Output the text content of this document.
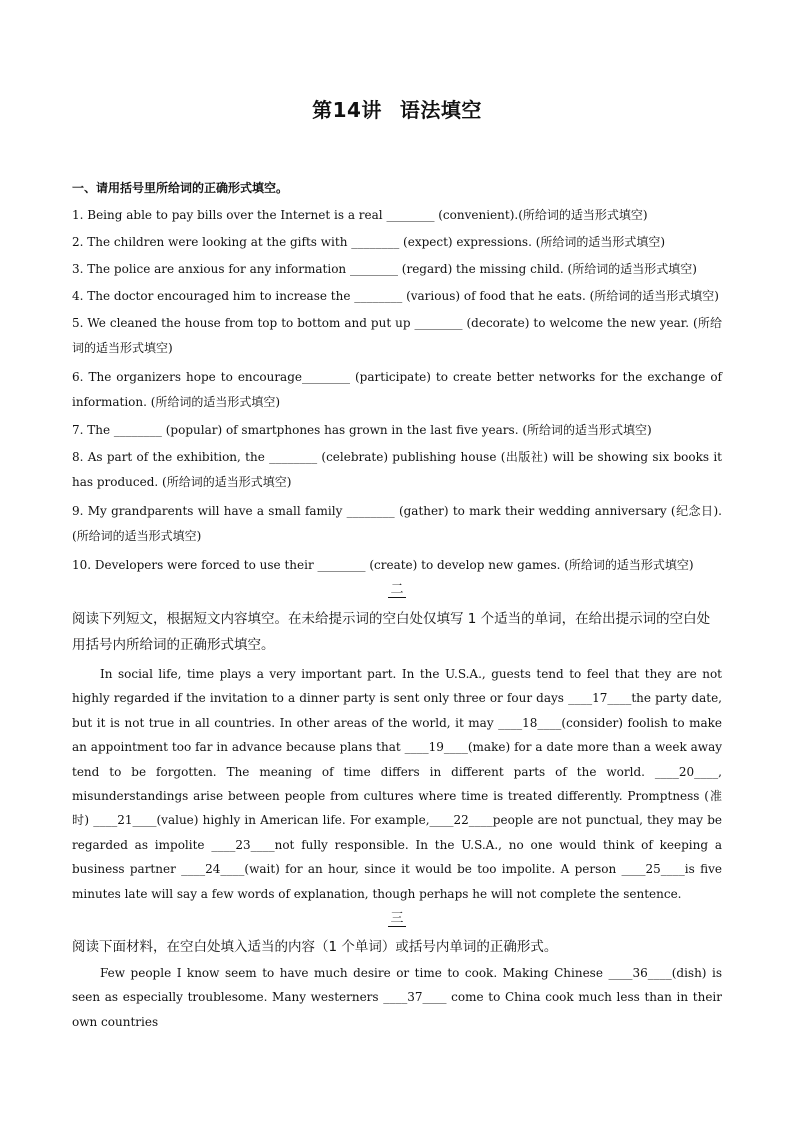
第14讲 语法填空
一、请用括号里所给词的正确形式填空。
1. Being able to pay bills over the Internet is a real ________ (convenient).(所给词的适当形式填空)
2. The children were looking at the gifts with ________ (expect) expressions. (所给词的适当形式填空)
3. The police are anxious for any information ________ (regard) the missing child. (所给词的适当形式填空)
4. The doctor encouraged him to increase the ________ (various) of food that he eats. (所给词的适当形式填空)
5. We cleaned the house from top to bottom and put up ________ (decorate) to welcome the new year. (所给词的适当形式填空)
6. The organizers hope to encourage________ (participate) to create better networks for the exchange of information. (所给词的适当形式填空)
7. The ________ (popular) of smartphones has grown in the last five years. (所给词的适当形式填空)
8. As part of the exhibition, the ________ (celebrate) publishing house (出版社) will be showing six books it has produced. (所给词的适当形式填空)
9. My grandparents will have a small family ________ (gather) to mark their wedding anniversary (纪念日). (所给词的适当形式填空)
10. Developers were forced to use their ________ (create) to develop new games. (所给词的适当形式填空)
二
阅读下列短文，根据短文内容填空。在未给提示词的空白处仅填写 1 个适当的单词，在给出提示词的空白处用括号内所给词的正确形式填空。
In social life, time plays a very important part. In the U.S.A., guests tend to feel that they are not highly regarded if the invitation to a dinner party is sent only three or four days ____17____the party date, but it is not true in all countries. In other areas of the world, it may ____18____(consider) foolish to make an appointment too far in advance because plans that ____19____(make) for a date more than a week away tend to be forgotten. The meaning of time differs in different parts of the world. ____20____, misunderstandings arise between people from cultures where time is treated differently. Promptness (准时) ____21____(value) highly in American life. For example,____22____people are not punctual, they may be regarded as impolite ____23____not fully responsible. In the U.S.A., no one would think of keeping a business partner ____24____(wait) for an hour, since it would be too impolite. A person ____25____is five minutes late will say a few words of explanation, though perhaps he will not complete the sentence.
三
阅读下面材料，在空白处填入适当的内容（1 个单词）或括号内单词的正确形式。
Few people I know seem to have much desire or time to cook. Making Chinese ____36____(dish) is seen as especially troublesome. Many westerners ____37____ come to China cook much less than in their own countries
